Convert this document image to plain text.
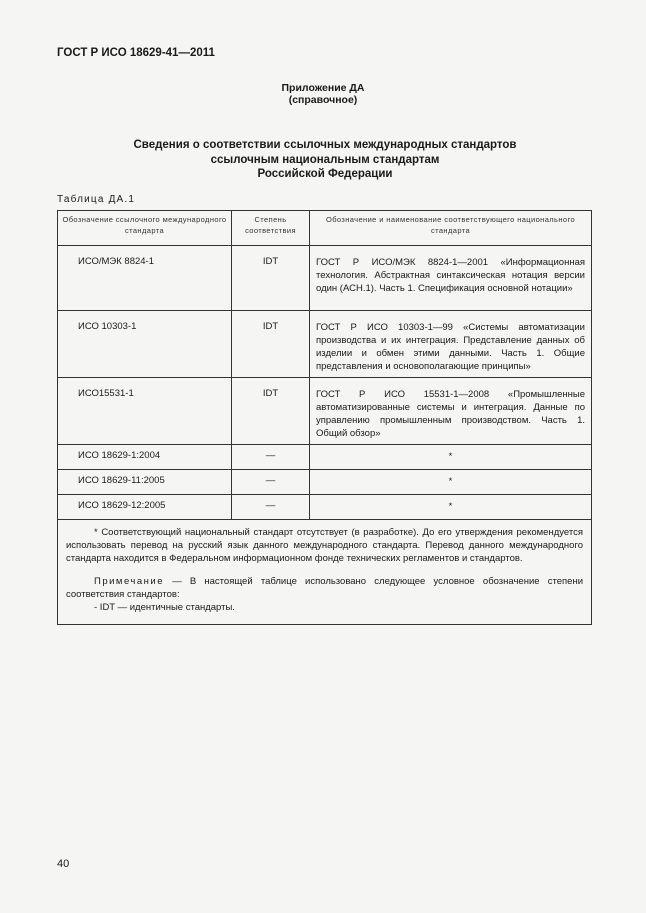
ГОСТ Р ИСО 18629-41—2011
Приложение ДА
(справочное)
Сведения о соответствии ссылочных международных стандартов
ссылочным национальным стандартам
Российской Федерации
Таблица ДА.1
Обозначение ссылочного международного стандарта	Степень соответствия	Обозначение и наименование соответствующего национального стандарта
ИСО/МЭК 8824-1	IDT	ГОСТ Р ИСО/МЭК 8824-1—2001 «Информационная технология. Абстрактная синтаксическая нотация версии один (АСН.1). Часть 1. Спецификация основной нотации»
ИСО 10303-1	IDT	ГОСТ Р ИСО 10303-1—99 «Системы автоматизации производства и их интеграция. Представление данных об изделии и обмен этими данными. Часть 1. Общие представления и основополагающие принципы»
ИСО15531-1	IDT	ГОСТ Р ИСО 15531-1—2008 «Промышленные автоматизированные системы и интеграция. Данные по управлению промышленным производством. Часть 1. Общий обзор»
ИСО 18629-1:2004	—	*
ИСО 18629-11:2005	—	*
ИСО 18629-12:2005	—	*

* Соответствующий национальный стандарт отсутствует (в разработке). До его утверждения рекомендуется использовать перевод на русский язык данного международного стандарта. Перевод данного международного стандарта находится в Федеральном информационном фонде технических регламентов и стандартов.

Примечание — В настоящей таблице использовано следующее условное обозначение степени соответствия стандартов:

- IDT — идентичные стандарты.		

40
